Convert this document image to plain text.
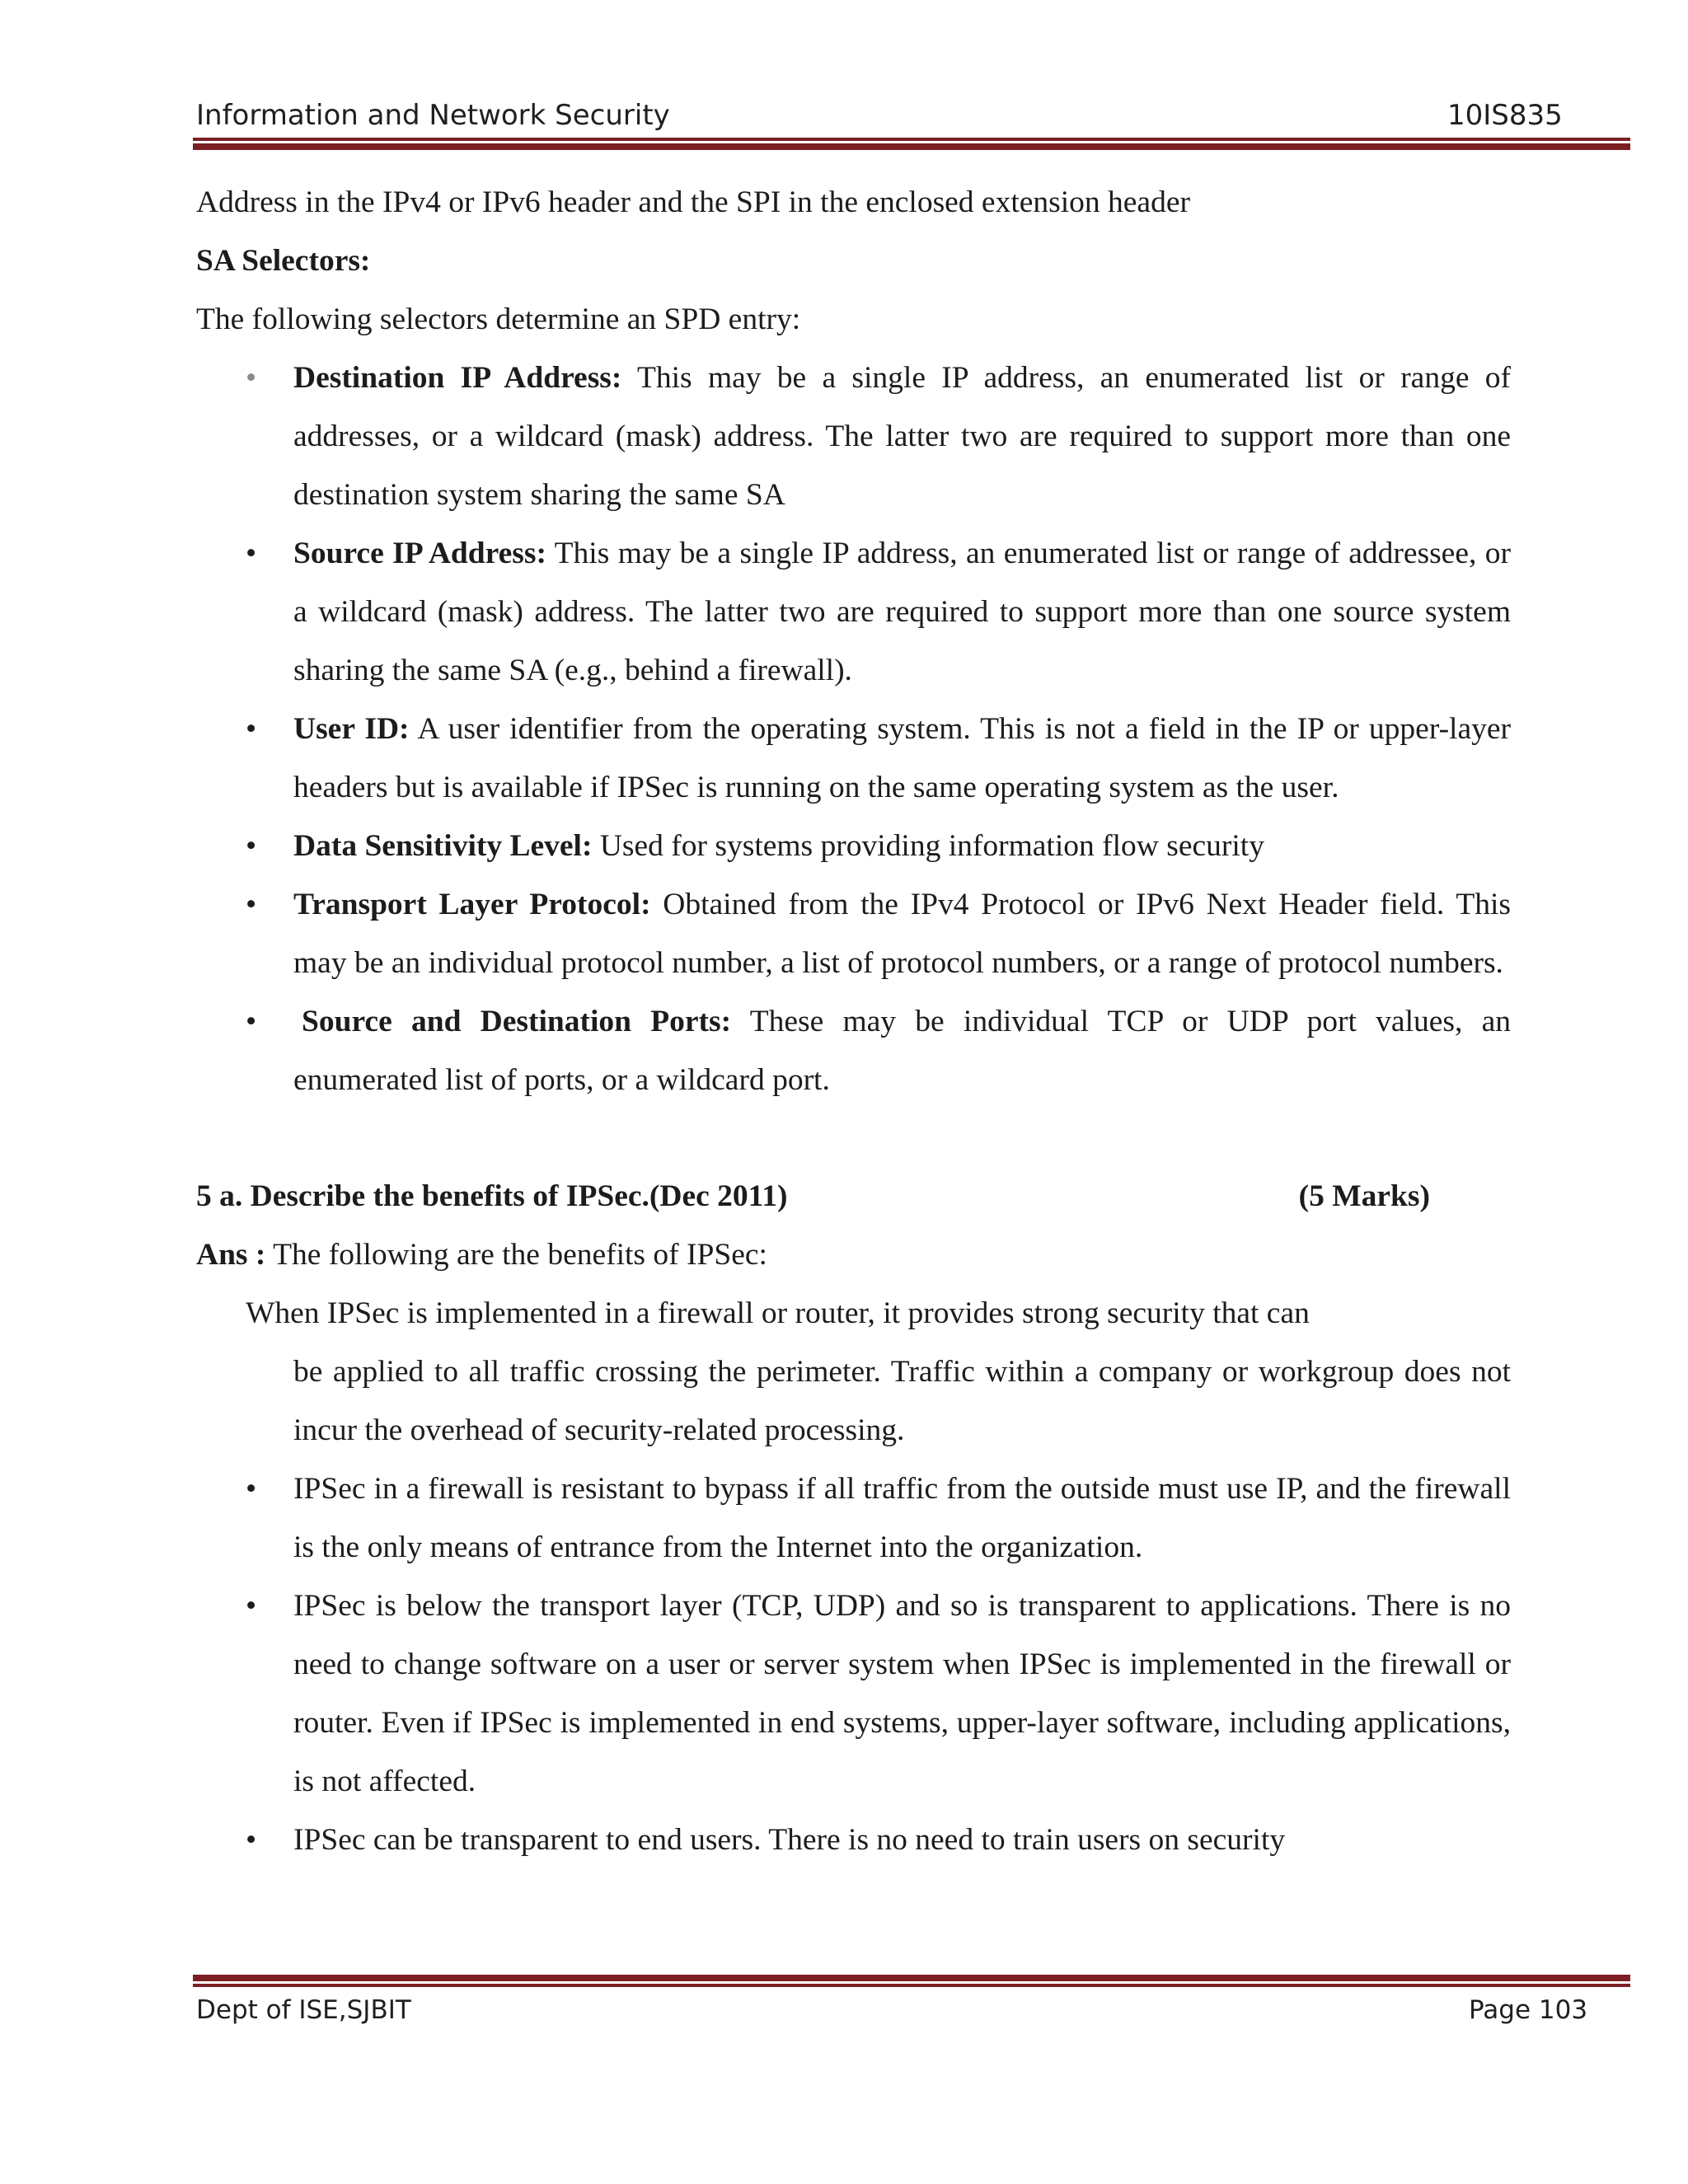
Information and Network Security	10IS835

Address in the IPv4 or IPv6 header and the SPI in the enclosed extension header

SA Selectors:

The following selectors determine an SPD entry:

• Destination IP Address: This may be a single IP address, an enumerated list or range of addresses, or a wildcard (mask) address. The latter two are required to support more than one destination system sharing the same SA
• Source IP Address: This may be a single IP address, an enumerated list or range of addressee, or a wildcard (mask) address. The latter two are required to support more than one source system sharing the same SA (e.g., behind a firewall).
• User ID: A user identifier from the operating system. This is not a field in the IP or upper-layer headers but is available if IPSec is running on the same operating system as the user.
• Data Sensitivity Level: Used for systems providing information flow security
• Transport Layer Protocol: Obtained from the IPv4 Protocol or IPv6 Next Header field. This may be an individual protocol number, a list of protocol numbers, or a range of protocol numbers.
• Source and Destination Ports: These may be individual TCP or UDP port values, an enumerated list of ports, or a wildcard port.
5 a. Describe the benefits of IPSec.(Dec 2011)	(5 Marks)

Ans : The following are the benefits of IPSec:

When IPSec is implemented in a firewall or router, it provides strong security that can

be applied to all traffic crossing the perimeter. Traffic within a company or workgroup does not incur the overhead of security-related processing.

• IPSec in a firewall is resistant to bypass if all traffic from the outside must use IP, and the firewall is the only means of entrance from the Internet into the organization.
• IPSec is below the transport layer (TCP, UDP) and so is transparent to applications. There is no need to change software on a user or server system when IPSec is implemented in the firewall or router. Even if IPSec is implemented in end systems, upper-layer software, including applications, is not affected.
• IPSec can be transparent to end users. There is no need to train users on security
Dept of ISE,SJBIT	Page 103
